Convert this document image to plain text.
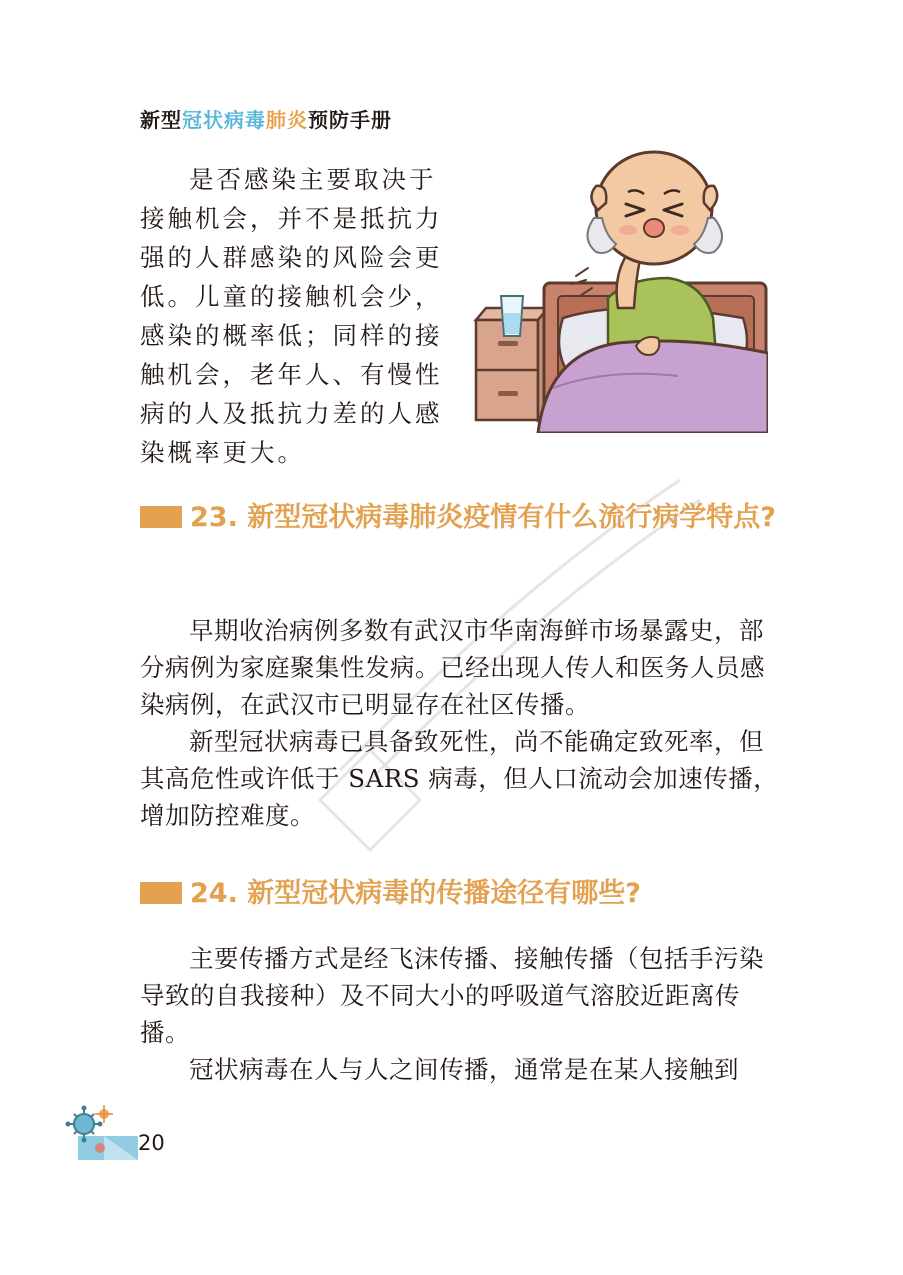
新型冠状病毒肺炎预防手册

是否感染主要取决于接触机会，并不是抵抗力强的人群感染的风险会更低。儿童的接触机会少，感染的概率低；同样的接触机会，老年人、有慢性病的人及抵抗力差的人感染概率更大。

23. 新型冠状病毒肺炎疫情有什么流行病学特点?

早期收治病例多数有武汉市华南海鲜市场暴露史，部分病例为家庭聚集性发病。已经出现人传人和医务人员感染病例，在武汉市已明显存在社区传播。

新型冠状病毒已具备致死性，尚不能确定致死率，但其高危性或许低于 SARS 病毒，但人口流动会加速传播，增加防控难度。

24. 新型冠状病毒的传播途径有哪些?

主要传播方式是经飞沫传播、接触传播（包括手污染导致的自我接种）及不同大小的呼吸道气溶胶近距离传播。

冠状病毒在人与人之间传播，通常是在某人接触到

20
